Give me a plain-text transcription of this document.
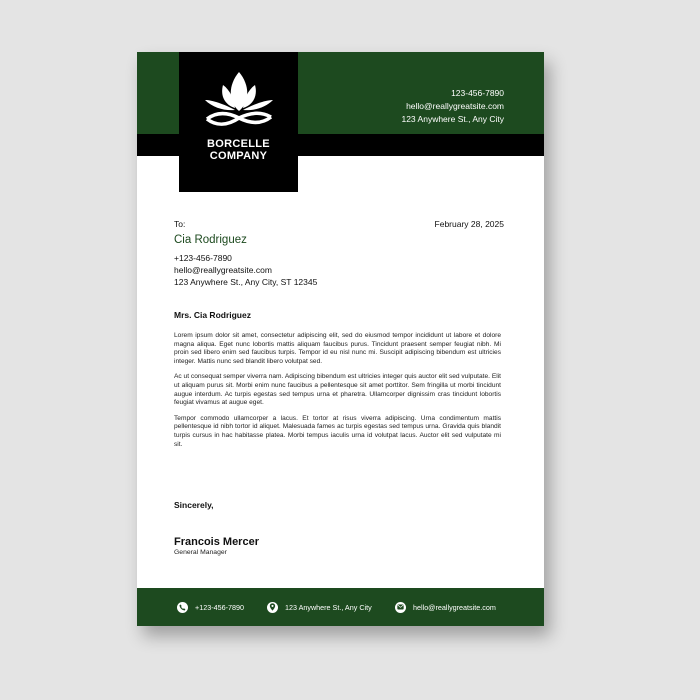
BORCELLE
COMPANY
123-456-7890
hello@reallygreatsite.com
123 Anywhere St., Any City
To:	February 28, 2025
Cia Rodriguez
+123-456-7890
hello@reallygreatsite.com
123 Anywhere St., Any City, ST 12345
Mrs. Cia Rodriguez

Lorem ipsum dolor sit amet, consectetur adipiscing elit, sed do eiusmod tempor incididunt ut labore et dolore magna aliqua. Eget nunc lobortis mattis aliquam faucibus purus. Tincidunt praesent semper feugiat nibh. Mi proin sed libero enim sed faucibus turpis. Tempor id eu nisl nunc mi. Suscipit adipiscing bibendum est ultricies integer. Mattis nunc sed blandit libero volutpat sed.

Ac ut consequat semper viverra nam. Adipiscing bibendum est ultricies integer quis auctor elit sed vulputate. Elit ut aliquam purus sit. Morbi enim nunc faucibus a pellentesque sit amet porttitor. Sem fringilla ut morbi tincidunt augue interdum. Ac turpis egestas sed tempus urna et pharetra. Ullamcorper dignissim cras tincidunt lobortis feugiat vivamus at augue eget.

Tempor commodo ullamcorper a lacus. Et tortor at risus viverra adipiscing. Urna condimentum mattis pellentesque id nibh tortor id aliquet. Malesuada fames ac turpis egestas sed tempus urna. Gravida quis blandit turpis cursus in hac habitasse platea. Morbi tempus iaculis urna id volutpat lacus. Auctor elit sed vulputate mi sit.

Sincerely,
Francois Mercer
General Manager
+123-456-7890	123 Anywhere St., Any City	hello@reallygreatsite.com
